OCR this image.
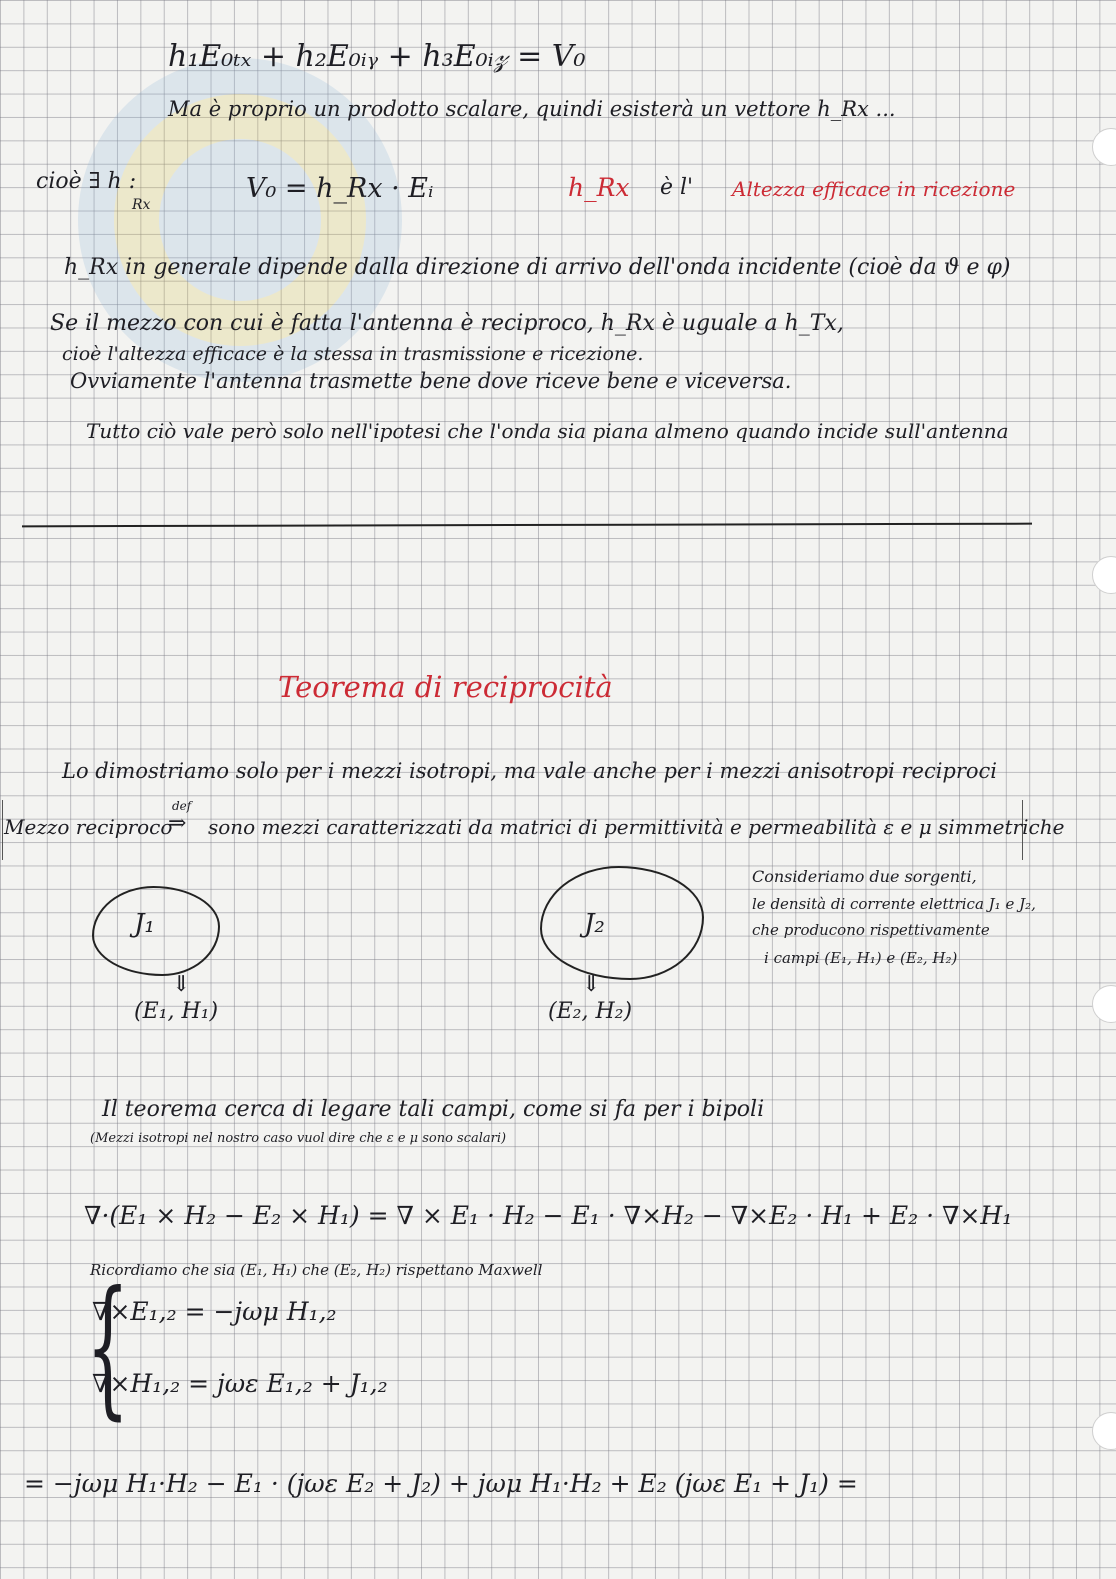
h₁E₀ₜₓ + h₂E₀ᵢᵧ + h₃E₀ᵢ𝓏 = V₀
Ma è proprio un prodotto scalare, quindi esisterà un vettore h_Rx ...
cioè ∃ h :
Rx
V₀ = h_Rx · Eᵢ	h_Rx è l' Altezza efficace in ricezione
h_Rx in generale dipende dalla direzione di arrivo dell'onda incidente (cioè da ϑ e φ)
Se il mezzo con cui è fatta l'antenna è reciproco, h_Rx è uguale a h_Tx,
cioè l'altezza efficace è la stessa in trasmissione e ricezione.
Ovviamente l'antenna trasmette bene dove riceve bene e viceversa.
Tutto ciò vale però solo nell'ipotesi che l'onda sia piana almeno quando incide sull'antenna
Teorema di reciprocità
Lo dimostriamo solo per i mezzi isotropi, ma vale anche per i mezzi anisotropi reciproci
Mezzo reciproco
def
⇒ sono mezzi caratterizzati da matrici di permittività e permeabilità ε e μ simmetriche
J₁
⇓
(E₁, H₁)
J₂
⇓
(E₂, H₂)
Consideriamo due sorgenti,
le densità di corrente elettrica J₁ e J₂,
che producono rispettivamente
i campi (E₁, H₁) e (E₂, H₂)
Il teorema cerca di legare tali campi, come si fa per i bipoli
(Mezzi isotropi nel nostro caso vuol dire che ε e μ sono scalari)
∇·(E₁ × H₂ − E₂ × H₁) = ∇ × E₁ · H₂ − E₁ · ∇×H₂ − ∇×E₂ · H₁ + E₂ · ∇×H₁
Ricordiamo che sia (E₁, H₁) che (E₂, H₂) rispettano Maxwell
{
∇×E₁,₂ = −jωμ H₁,₂
∇×H₁,₂ = jωε E₁,₂ + J₁,₂
= −jωμ H₁·H₂ − E₁ · (jωε E₂ + J₂) + jωμ H₁·H₂ + E₂ (jωε E₁ + J₁) =
